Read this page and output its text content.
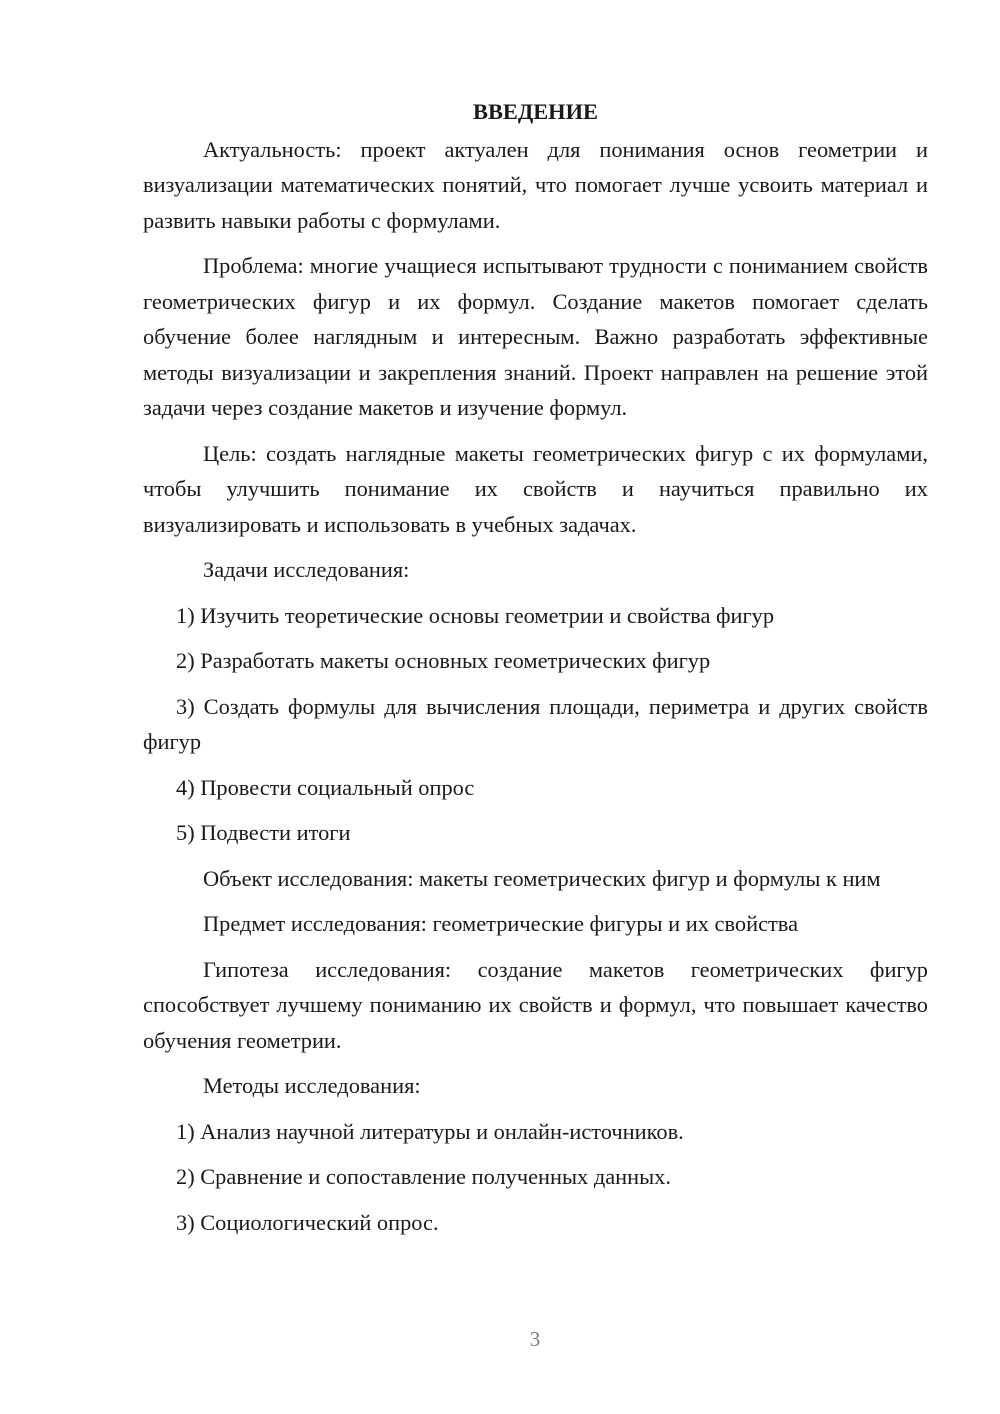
ВВЕДЕНИЕ

Актуальность: проект актуален для понимания основ геометрии и визуализации математических понятий, что помогает лучше усвоить материал и развить навыки работы с формулами.

Проблема: многие учащиеся испытывают трудности с пониманием свойств геометрических фигур и их формул. Создание макетов помогает сделать обучение более наглядным и интересным. Важно разработать эффективные методы визуализации и закрепления знаний. Проект направлен на решение этой задачи через создание макетов и изучение формул.

Цель: создать наглядные макеты геометрических фигур с их формулами, чтобы улучшить понимание их свойств и научиться правильно их визуализировать и использовать в учебных задачах.

Задачи исследования:

1) Изучить теоретические основы геометрии и свойства фигур

2) Разработать макеты основных геометрических фигур

3) Создать формулы для вычисления площади, периметра и других свойств фигур

4) Провести социальный опрос

5) Подвести итоги

Объект исследования: макеты геометрических фигур и формулы к ним

Предмет исследования: геометрические фигуры и их свойства

Гипотеза исследования: создание макетов геометрических фигур способствует лучшему пониманию их свойств и формул, что повышает качество обучения геометрии.

Методы исследования:

1) Анализ научной литературы и онлайн-источников.

2) Сравнение и сопоставление полученных данных.

3) Социологический опрос.

3
